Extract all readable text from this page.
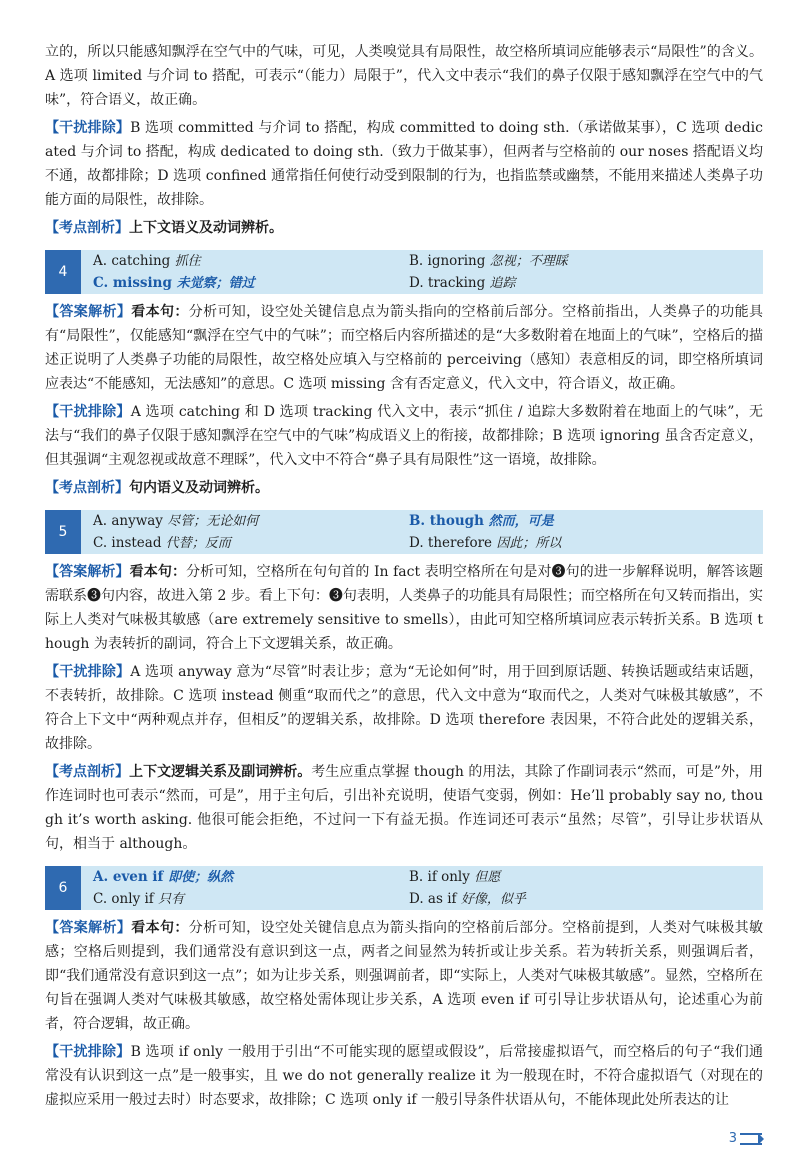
立的，所以只能感知飘浮在空气中的气味，可见，人类嗅觉具有局限性，故空格所填词应能够表示“局限性”的含义。A 选项 limited 与介词 to 搭配，可表示“（能力）局限于”，代入文中表示“我们的鼻子仅限于感知飘浮在空气中的气味”，符合语义，故正确。

【干扰排除】B 选项 committed 与介词 to 搭配，构成 committed to doing sth.（承诺做某事），C 选项 dedicated 与介词 to 搭配，构成 dedicated to doing sth.（致力于做某事），但两者与空格前的 our noses 搭配语义均不通，故都排除；D 选项 confined 通常指任何使行动受到限制的行为，也指监禁或幽禁，不能用来描述人类鼻子功能方面的局限性，故排除。

【考点剖析】上下文语义及动词辨析。

4
A. catching 抓住	B. ignoring 忽视；不理睬
C. missing 未觉察；错过	D. tracking 追踪

【答案解析】看本句：分析可知，设空处关键信息点为箭头指向的空格前后部分。空格前指出，人类鼻子的功能具有“局限性”，仅能感知“飘浮在空气中的气味”；而空格后内容所描述的是“大多数附着在地面上的气味”，空格后的描述正说明了人类鼻子功能的局限性，故空格处应填入与空格前的 perceiving（感知）表意相反的词，即空格所填词应表达“不能感知，无法感知”的意思。C 选项 missing 含有否定意义，代入文中，符合语义，故正确。

【干扰排除】A 选项 catching 和 D 选项 tracking 代入文中，表示“抓住 / 追踪大多数附着在地面上的气味”，无法与“我们的鼻子仅限于感知飘浮在空气中的气味”构成语义上的衔接，故都排除；B 选项 ignoring 虽含否定意义，但其强调“主观忽视或故意不理睬”，代入文中不符合“鼻子具有局限性”这一语境，故排除。

【考点剖析】句内语义及动词辨析。

5
A. anyway 尽管；无论如何	B. though 然而，可是
C. instead 代替；反而	D. therefore 因此；所以

【答案解析】看本句：分析可知，空格所在句句首的 In fact 表明空格所在句是对❸句的进一步解释说明，解答该题需联系❸句内容，故进入第 2 步。看上下句：❸句表明，人类鼻子的功能具有局限性；而空格所在句又转而指出，实际上人类对气味极其敏感（are extremely sensitive to smells），由此可知空格所填词应表示转折关系。B 选项 though 为表转折的副词，符合上下文逻辑关系，故正确。

【干扰排除】A 选项 anyway 意为“尽管”时表让步；意为“无论如何”时，用于回到原话题、转换话题或结束话题，不表转折，故排除。C 选项 instead 侧重“取而代之”的意思，代入文中意为“取而代之，人类对气味极其敏感”，不符合上下文中“两种观点并存，但相反”的逻辑关系，故排除。D 选项 therefore 表因果，不符合此处的逻辑关系，故排除。

【考点剖析】上下文逻辑关系及副词辨析。考生应重点掌握 though 的用法，其除了作副词表示“然而，可是”外，用作连词时也可表示“然而，可是”，用于主句后，引出补充说明，使语气变弱，例如：He’ll probably say no, though it’s worth asking. 他很可能会拒绝，不过问一下有益无损。作连词还可表示“虽然；尽管”，引导让步状语从句，相当于 although。

6
A. even if 即使；纵然	B. if only 但愿
C. only if 只有	D. as if 好像，似乎

【答案解析】看本句：分析可知，设空处关键信息点为箭头指向的空格前后部分。空格前提到，人类对气味极其敏感；空格后则提到，我们通常没有意识到这一点，两者之间显然为转折或让步关系。若为转折关系，则强调后者，即“我们通常没有意识到这一点”；如为让步关系，则强调前者，即“实际上，人类对气味极其敏感”。显然，空格所在句旨在强调人类对气味极其敏感，故空格处需体现让步关系，A 选项 even if 可引导让步状语从句，论述重心为前者，符合逻辑，故正确。

【干扰排除】B 选项 if only 一般用于引出“不可能实现的愿望或假设”，后常接虚拟语气，而空格后的句子“我们通常没有认识到这一点”是一般事实，且 we do not generally realize it 为一般现在时，不符合虚拟语气（对现在的虚拟应采用一般过去时）时态要求，故排除；C 选项 only if 一般引导条件状语从句，不能体现此处所表达的让

3
